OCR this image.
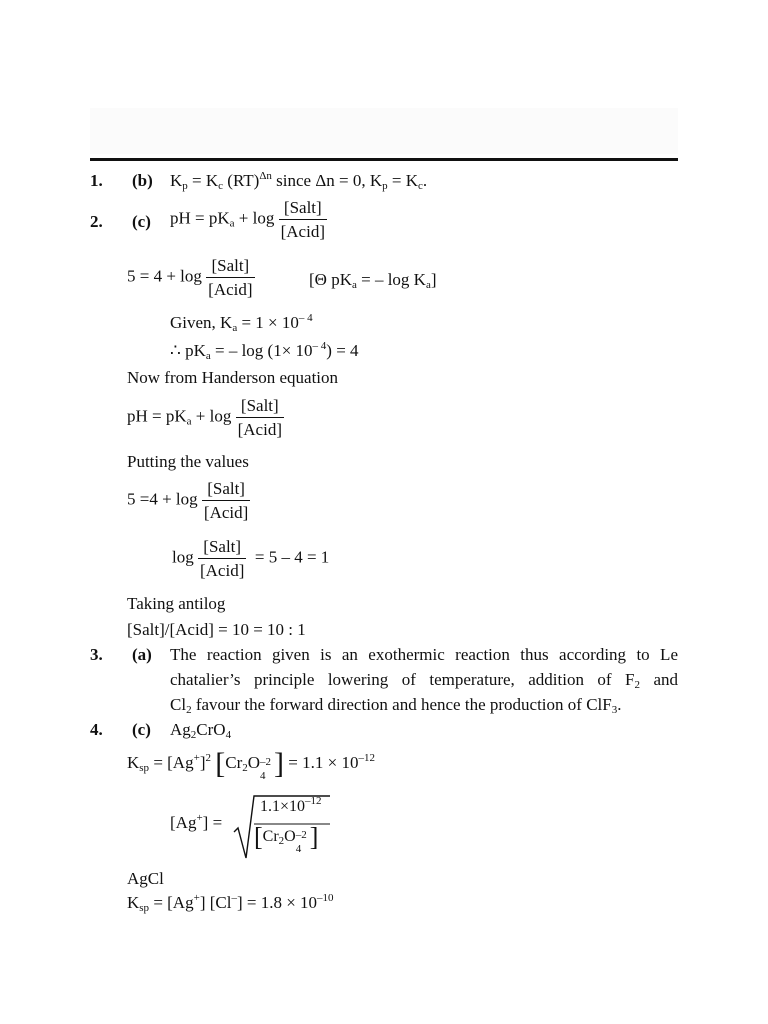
1. (b) $K_p = K_c$ (RT)$^{\Delta n}$ since Δn = 0, $K_p = K_c$.
2. (c) pH = $pK_a + \log \frac{\text{[Salt]}}{\text{[Acid]}}$
$5 = 4 + \log \frac{\text{[Salt]}}{\text{[Acid]}}$	[Θ $pK_a$ = – $\log K_a$]
Given, $K_a = 1 \times 10^{- 4}$
∴ $pK_a$ = – $\log (1\times 10^{- 4}) = 4$
Now from Handerson equation
pH = $pK_a + \log \frac{\text{[Salt]}}{\text{[Acid]}}$
Putting the values
$5 =4 + \log \frac{\text{[Salt]}}{\text{[Acid]}}$
$\log \frac{\text{[Salt]}}{\text{[Acid]}} = 5 - 4 = 1$
Taking antilog
[Salt]/[Acid] = 10 = 10 : 1
3. (a) The reaction given is an exothermic reaction thus according to Le
chatalier’s principle lowering of temperature, addition of $F_2$ and
$Cl_2$ favour the forward direction and hence the production of ClF$_3$.
4. (c) $Ag_2CrO_4$
$K_{sp} = [Ag^+]^2$ [$Cr_2O$ –2
4 ] = $1.1 \times 10^{-12}$
[Ag+] =
$1.1\times 10^{-12}$
[$Cr_2O$ –2
4 ]
AgCl
$K_{sp} = [Ag^+] [Cl^-] = 1.8 \times 10^{-10}$
